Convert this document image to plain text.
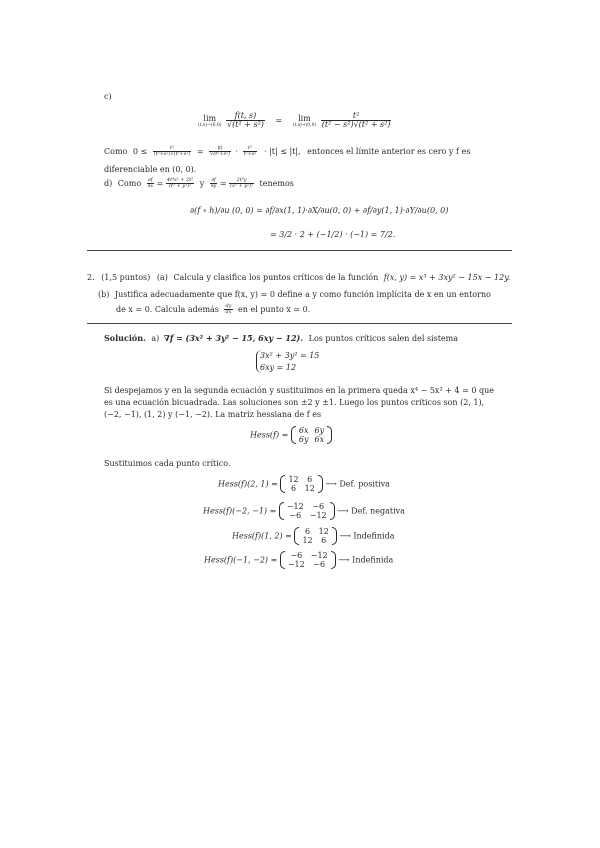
c)
lim
(t,s)→(0,0)
$\frac{f(t, s)}{\text{√(t² + s²)}}$ =	lim
(t,s)→(0,0)
$\frac{\text{t²}}{\text{(t² − s²)√(t² + s²)}}$
Como $0 \le \frac{\text{t²}}{\text{(t²+s²)√(t²+s²)}} = \frac{|t|}{\text{√(t²+s²)}} \cdot \frac{\text{t²}}{\text{t²+s²}} \cdot |t| \le |t|$, entonces el límite anterior es cero y f es
diferenciable en (0, 0).
d) Como $\frac{\partial f}{\partial x} = \frac{\text{4t⁴s² + 2t²}}{\text{(t² + y²)²}}$ y $\frac{\partial f}{\partial y} = \frac{\text{2t³y}}{\text{(x² + y²)²}}$ tenemos
∂(f ∘ h)/∂u (0, 0) = ∂f/∂x(1, 1)·∂X/∂u(0, 0) + ∂f/∂y(1, 1)·∂Y/∂u(0, 0)
= 3/2 · 2 + (−1/2) · (−1) = 7/2.
2. (1,5 puntos) (a) Calcula y clasifica los puntos críticos de la función f(x, y) = x³ + 3xy² − 15x − 12y.
(b) Justifica adecuadamente que f(x, y) = 0 define a y como función implícita de x en un entorno
de x = 0. Calcula además $\frac{dy}{dx}$ en el punto x = 0.
Solución. a) ∇f = (3x² + 3y² − 15, 6xy − 12). Los puntos críticos salen del sistema
3x² + 3y² = 15
6xy = 12
Si despejamos y en la segunda ecuación y sustituimos en la primera queda x⁴ − 5x² + 4 = 0 que
es una ecuación bicuadrada. Las soluciones son ±2 y ±1. Luego los puntos críticos son (2, 1),
(−2, −1), (1, 2) y (−1, −2). La matriz hessiana de f es
Hess(f) =
6x	6y
6y	6x
Sustituimos cada punto crítico.
Hess(f)(2, 1) =
12	6
6	12 ⟶ Def. positiva
Hess(f)(−2, −1) =
−12	−6
−6	−12 ⟶ Def. negativa
Hess(f)(1, 2) =
6	12
12	6 ⟶ Indefinida
Hess(f)(−1, −2) =
−6	−12
−12	−6 ⟶ Indefinida
